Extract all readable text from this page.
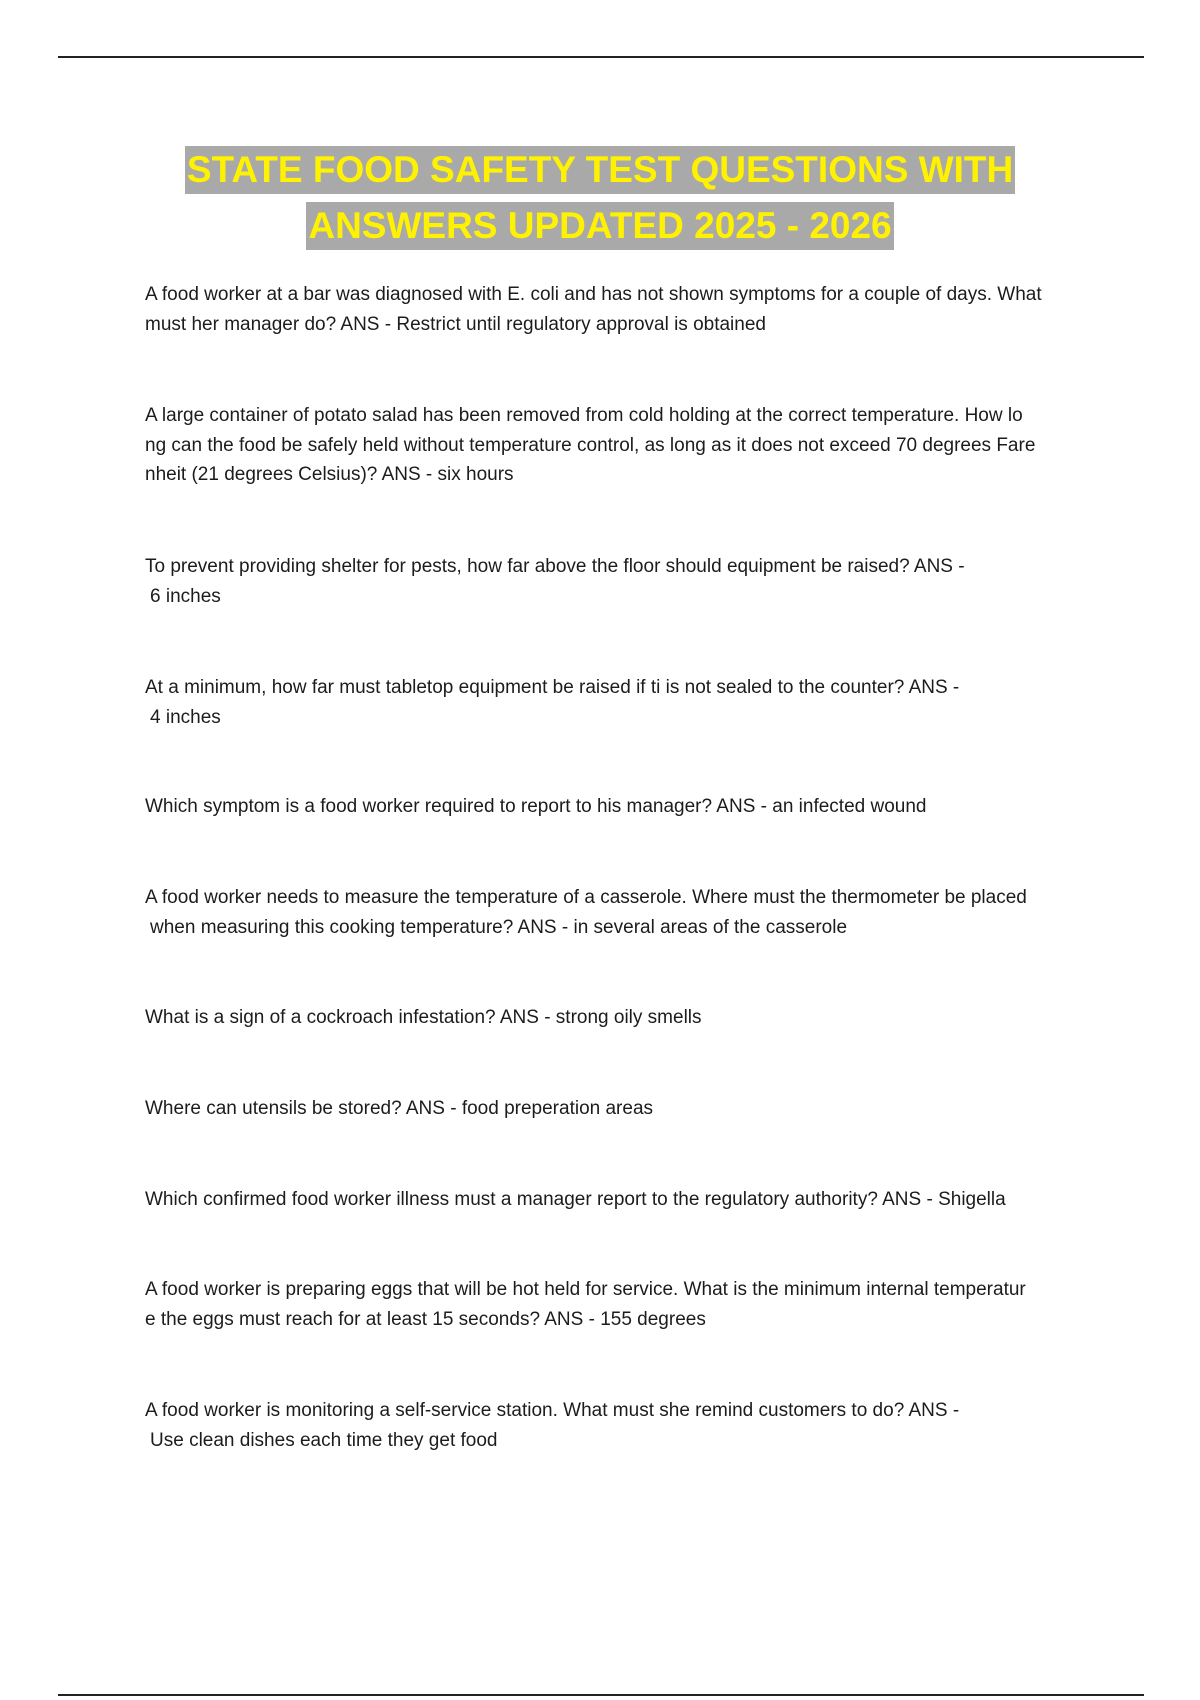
STATE FOOD SAFETY TEST QUESTIONS WITH
ANSWERS UPDATED 2025 - 2026
A food worker at a bar was diagnosed with E. coli and has not shown symptoms for a couple of days. What
must her manager do? ANS - Restrict until regulatory approval is obtained
A large container of potato salad has been removed from cold holding at the correct temperature. How lo
ng can the food be safely held without temperature control, as long as it does not exceed 70 degrees Fare
nheit (21 degrees Celsius)? ANS - six hours
To prevent providing shelter for pests, how far above the floor should equipment be raised? ANS -
6 inches
At a minimum, how far must tabletop equipment be raised if ti is not sealed to the counter? ANS -
4 inches
Which symptom is a food worker required to report to his manager? ANS - an infected wound
A food worker needs to measure the temperature of a casserole. Where must the thermometer be placed
when measuring this cooking temperature? ANS - in several areas of the casserole
What is a sign of a cockroach infestation? ANS - strong oily smells
Where can utensils be stored? ANS - food preperation areas
Which confirmed food worker illness must a manager report to the regulatory authority? ANS - Shigella
A food worker is preparing eggs that will be hot held for service. What is the minimum internal temperatur
e the eggs must reach for at least 15 seconds? ANS - 155 degrees
A food worker is monitoring a self-service station. What must she remind customers to do? ANS -
Use clean dishes each time they get food
